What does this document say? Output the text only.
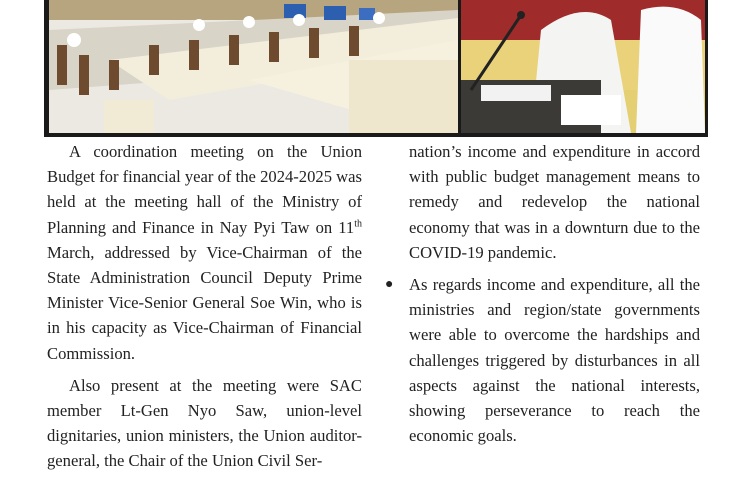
A coordination meeting on the Union Budget for financial year of the 2024-2025 was held at the meeting hall of the Ministry of Planning and Finance in Nay Pyi Taw on 11th March, addressed by Vice-Chairman of the State Administration Council Deputy Prime Minister Vice-Senior General Soe Win, who is in his capacity as Vice-Chairman of Financial Commission.

Also present at the meeting were SAC member Lt-Gen Nyo Saw, union-level dignitaries, union ministers, the Union auditor-general, the Chair of the Union Civil Ser-

nation’s income and expenditure in accord with public budget management means to remedy and redevelop the national economy that was in a downturn due to the COVID-19 pandemic.

● As regards income and expenditure, all the ministries and region/state governments were able to overcome the hardships and challenges triggered by disturbances in all aspects against the national interests, showing perseverance to reach the economic goals.
